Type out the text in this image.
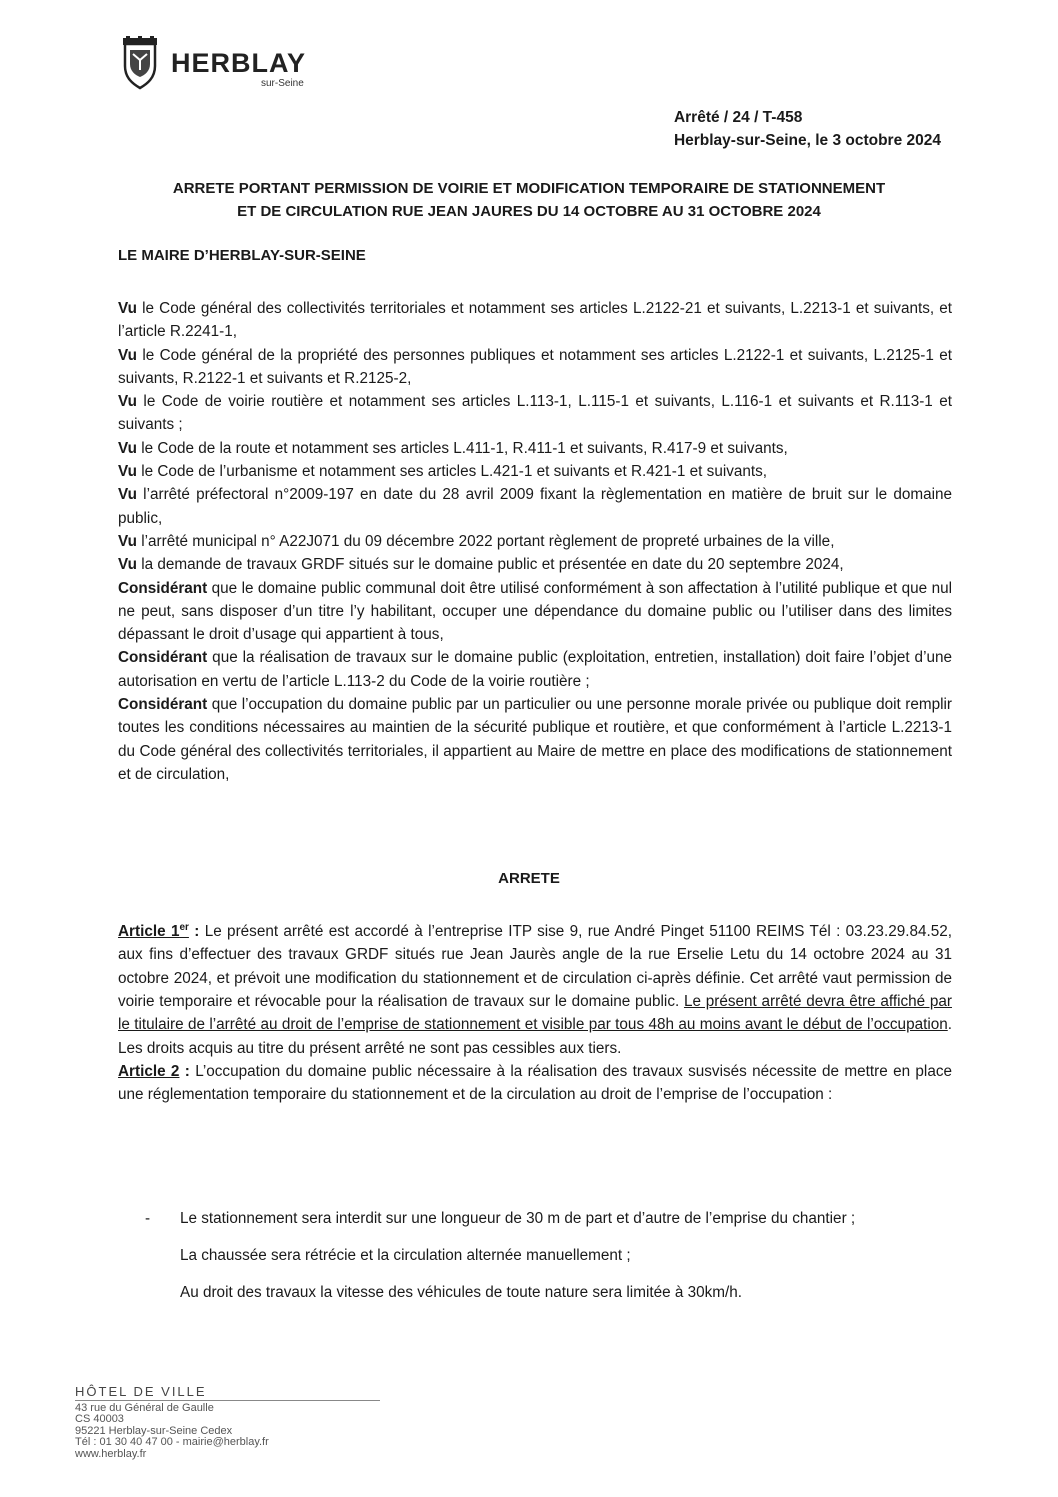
HERBLAY
sur-Seine
Arrêté / 24 / T-458
Herblay-sur-Seine, le 3 octobre 2024
ARRETE PORTANT PERMISSION DE VOIRIE ET MODIFICATION TEMPORAIRE DE STATIONNEMENT
ET DE CIRCULATION RUE JEAN JAURES DU 14 OCTOBRE AU 31 OCTOBRE 2024
LE MAIRE D’HERBLAY-SUR-SEINE

Vu le Code général des collectivités territoriales et notamment ses articles L.2122-21 et suivants, L.2213-1 et suivants, et l’article R.2241-1,

Vu le Code général de la propriété des personnes publiques et notamment ses articles L.2122-1 et suivants, L.2125-1 et suivants, R.2122-1 et suivants et R.2125-2,

Vu le Code de voirie routière et notamment ses articles L.113-1, L.115-1 et suivants, L.116-1 et suivants et R.113-1 et suivants ;

Vu le Code de la route et notamment ses articles L.411-1, R.411-1 et suivants, R.417-9 et suivants,

Vu le Code de l’urbanisme et notamment ses articles L.421-1 et suivants et R.421-1 et suivants,

Vu l’arrêté préfectoral n°2009-197 en date du 28 avril 2009 fixant la règlementation en matière de bruit sur le domaine public,

Vu l’arrêté municipal n° A22J071 du 09 décembre 2022 portant règlement de propreté urbaines de la ville,

Vu la demande de travaux GRDF situés sur le domaine public et présentée en date du 20 septembre 2024,

Considérant que le domaine public communal doit être utilisé conformément à son affectation à l’utilité publique et que nul ne peut, sans disposer d’un titre l’y habilitant, occuper une dépendance du domaine public ou l’utiliser dans des limites dépassant le droit d’usage qui appartient à tous,

Considérant que la réalisation de travaux sur le domaine public (exploitation, entretien, installation) doit faire l’objet d’une autorisation en vertu de l’article L.113-2 du Code de la voirie routière ;

Considérant que l’occupation du domaine public par un particulier ou une personne morale privée ou publique doit remplir toutes les conditions nécessaires au maintien de la sécurité publique et routière, et que conformément à l’article L.2213-1 du Code général des collectivités territoriales, il appartient au Maire de mettre en place des modifications de stationnement et de circulation,

ARRETE

Article 1er : Le présent arrêté est accordé à l’entreprise ITP sise 9, rue André Pinget 51100 REIMS Tél : 03.23.29.84.52, aux fins d’effectuer des travaux GRDF situés rue Jean Jaurès angle de la rue Erselie Letu du 14 octobre 2024 au 31 octobre 2024, et prévoit une modification du stationnement et de circulation ci-après définie. Cet arrêté vaut permission de voirie temporaire et révocable pour la réalisation de travaux sur le domaine public. Le présent arrêté devra être affiché par le titulaire de l’arrêté au droit de l’emprise de stationnement et visible par tous 48h au moins avant le début de l’occupation. Les droits acquis au titre du présent arrêté ne sont pas cessibles aux tiers.

Article 2 : L’occupation du domaine public nécessaire à la réalisation des travaux susvisés nécessite de mettre en place une réglementation temporaire du stationnement et de la circulation au droit de l’emprise de l’occupation :

- Le stationnement sera interdit sur une longueur de 30 m de part et d’autre de l’emprise du chantier ;
La chaussée sera rétrécie et la circulation alternée manuellement ;
Au droit des travaux la vitesse des véhicules de toute nature sera limitée à 30km/h.
HÔTEL DE VILLE
43 rue du Général de Gaulle
CS 40003
95221 Herblay-sur-Seine Cedex
Tél : 01 30 40 47 00 - mairie@herblay.fr
www.herblay.fr
